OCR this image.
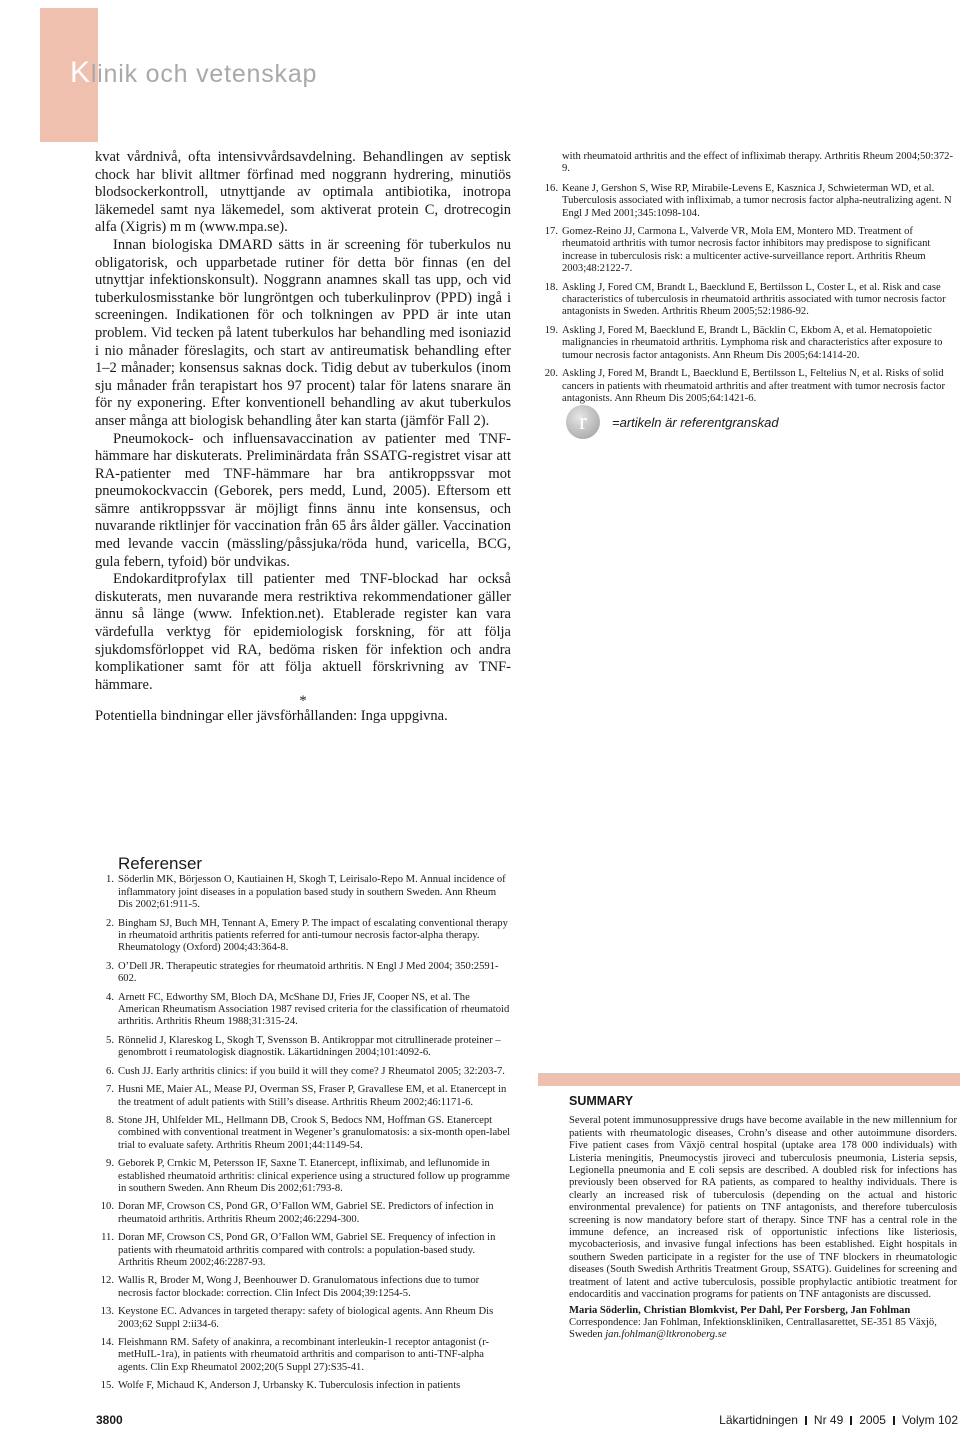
Klinik och vetenskap

kvat vårdnivå, ofta intensivvårdsavdelning. Behandlingen av septisk chock har blivit alltmer förfinad med noggrann hydrering, minutiös blodsockerkontroll, utnyttjande av optimala antibiotika, inotropa läkemedel samt nya läkemedel, som aktiverat protein C, drotrecogin alfa (Xigris) m m (www.mpa.se).

Innan biologiska DMARD sätts in är screening för tuberkulos nu obligatorisk, och upparbetade rutiner för detta bör finnas (en del utnyttjar infektionskonsult). Noggrann anamnes skall tas upp, och vid tuberkulosmisstanke bör lungröntgen och tuberkulinprov (PPD) ingå i screeningen. Indikationen för och tolkningen av PPD är inte utan problem. Vid tecken på latent tuberkulos har behandling med isoniazid i nio månader föreslagits, och start av antireumatisk behandling efter 1–2 månader; konsensus saknas dock. Tidig debut av tuberkulos (inom sju månader från terapistart hos 97 procent) talar för latens snarare än för ny exponering. Efter konventionell behandling av akut tuberkulos anser många att biologisk behandling åter kan starta (jämför Fall 2).

Pneumokock- och influensavaccination av patienter med TNF-hämmare har diskuterats. Preliminärdata från SSATG-registret visar att RA-patienter med TNF-hämmare har bra antikroppssvar mot pneumokockvaccin (Geborek, pers medd, Lund, 2005). Eftersom ett sämre antikroppssvar är möjligt finns ännu inte konsensus, och nuvarande riktlinjer för vaccination från 65 års ålder gäller. Vaccination med levande vaccin (mässling/påssjuka/röda hund, varicella, BCG, gula febern, tyfoid) bör undvikas.

Endokarditprofylax till patienter med TNF-blockad har också diskuterats, men nuvarande mera restriktiva rekommendationer gäller ännu så länge (www. Infektion.net). Etablerade register kan vara värdefulla verktyg för epidemiologisk forskning, för att följa sjukdomsförloppet vid RA, bedöma risken för infektion och andra komplikationer samt för att följa aktuell förskrivning av TNF-hämmare.

*

Potentiella bindningar eller jävsförhållanden: Inga uppgivna.

with rheumatoid arthritis and the effect of infliximab therapy. Arthritis Rheum 2004;50:372-9.
16. Keane J, Gershon S, Wise RP, Mirabile-Levens E, Kasznica J, Schwieterman WD, et al. Tuberculosis associated with infliximab, a tumor necrosis factor alpha-neutralizing agent. N Engl J Med 2001;345:1098-104.
17. Gomez-Reino JJ, Carmona L, Valverde VR, Mola EM, Montero MD. Treatment of rheumatoid arthritis with tumor necrosis factor inhibitors may predispose to significant increase in tuberculosis risk: a multicenter active-surveillance report. Arthritis Rheum 2003;48:2122-7.
18. Askling J, Fored CM, Brandt L, Baecklund E, Bertilsson L, Coster L, et al. Risk and case characteristics of tuberculosis in rheumatoid arthritis associated with tumor necrosis factor antagonists in Sweden. Arthritis Rheum 2005;52:1986-92.
19. Askling J, Fored M, Baecklund E, Brandt L, Bäcklin C, Ekbom A, et al. Hematopoietic malignancies in rheumatoid arthritis. Lymphoma risk and characteristics after exposure to tumour necrosis factor antagonists. Ann Rheum Dis 2005;64:1414-20.
20. Askling J, Fored M, Brandt L, Baecklund E, Bertilsson L, Feltelius N, et al. Risks of solid cancers in patients with rheumatoid arthritis and after treatment with tumor necrosis factor antagonists. Ann Rheum Dis 2005;64:1421-6.
r	=artikeln är referentgranskad
Referenser
1. Söderlin MK, Börjesson O, Kautiainen H, Skogh T, Leirisalo-Repo M. Annual incidence of inflammatory joint diseases in a population based study in southern Sweden. Ann Rheum Dis 2002;61:911-5.
2. Bingham SJ, Buch MH, Tennant A, Emery P. The impact of escalating conventional therapy in rheumatoid arthritis patients referred for anti-tumour necrosis factor-alpha therapy. Rheumatology (Oxford) 2004;43:364-8.
3. O’Dell JR. Therapeutic strategies for rheumatoid arthritis. N Engl J Med 2004; 350:2591-602.
4. Arnett FC, Edworthy SM, Bloch DA, McShane DJ, Fries JF, Cooper NS, et al. The American Rheumatism Association 1987 revised criteria for the classification of rheumatoid arthritis. Arthritis Rheum 1988;31:315-24.
5. Rönnelid J, Klareskog L, Skogh T, Svensson B. Antikroppar mot citrullinerade proteiner – genombrott i reumatologisk diagnostik. Läkartidningen 2004;101:4092-6.
6. Cush JJ. Early arthritis clinics: if you build it will they come? J Rheumatol 2005; 32:203-7.
7. Husni ME, Maier AL, Mease PJ, Overman SS, Fraser P, Gravallese EM, et al. Etanercept in the treatment of adult patients with Still’s disease. Arthritis Rheum 2002;46:1171-6.
8. Stone JH, Uhlfelder ML, Hellmann DB, Crook S, Bedocs NM, Hoffman GS. Etanercept combined with conventional treatment in Wegener’s granulomatosis: a six-month open-label trial to evaluate safety. Arthritis Rheum 2001;44:1149-54.
9. Geborek P, Crnkic M, Petersson IF, Saxne T. Etanercept, infliximab, and leflunomide in established rheumatoid arthritis: clinical experience using a structured follow up programme in southern Sweden. Ann Rheum Dis 2002;61:793-8.
10. Doran MF, Crowson CS, Pond GR, O’Fallon WM, Gabriel SE. Predictors of infection in rheumatoid arthritis. Arthritis Rheum 2002;46:2294-300.
11. Doran MF, Crowson CS, Pond GR, O’Fallon WM, Gabriel SE. Frequency of infection in patients with rheumatoid arthritis compared with controls: a population-based study. Arthritis Rheum 2002;46:2287-93.
12. Wallis R, Broder M, Wong J, Beenhouwer D. Granulomatous infections due to tumor necrosis factor blockade: correction. Clin Infect Dis 2004;39:1254-5.
13. Keystone EC. Advances in targeted therapy: safety of biological agents. Ann Rheum Dis 2003;62 Suppl 2:ii34-6.
14. Fleishmann RM. Safety of anakinra, a recombinant interleukin-1 receptor antagonist (r-metHuIL-1ra), in patients with rheumatoid arthritis and comparison to anti-TNF-alpha agents. Clin Exp Rheumatol 2002;20(5 Suppl 27):S35-41.
15. Wolfe F, Michaud K, Anderson J, Urbansky K. Tuberculosis infection in patients
SUMMARY

Several potent immunosuppressive drugs have become available in the new millennium for patients with rheumatologic diseases, Crohn’s disease and other autoimmune disorders. Five patient cases from Växjö central hospital (uptake area 178 000 individuals) with Listeria meningitis, Pneumocystis jiroveci and tuberculosis pneumonia, Listeria sepsis, Legionella pneumonia and E coli sepsis are described. A doubled risk for infections has previously been observed for RA patients, as compared to healthy individuals. There is clearly an increased risk of tuberculosis (depending on the actual and historic environmental prevalence) for patients on TNF antagonists, and therefore tuberculosis screening is now mandatory before start of therapy. Since TNF has a central role in the immune defence, an increased risk of opportunistic infections like listeriosis, mycobacteriosis, and invasive fungal infections has been established. Eight hospitals in southern Sweden participate in a register for the use of TNF blockers in rheumatologic diseases (South Swedish Arthritis Treatment Group, SSATG). Guidelines for screening and treatment of latent and active tuberculosis, possible prophylactic antibiotic treatment for endocarditis and vaccination programs for patients on TNF antagonists are discussed.

Maria Söderlin, Christian Blomkvist, Per Dahl, Per Forsberg, Jan Fohlman

Correspondence: Jan Fohlman, Infektionskliniken, Centrallasarettet, SE-351 85 Växjö, Sweden jan.fohlman@ltkronoberg.se

3800	Läkartidningen Nr 49 2005 Volym 102
